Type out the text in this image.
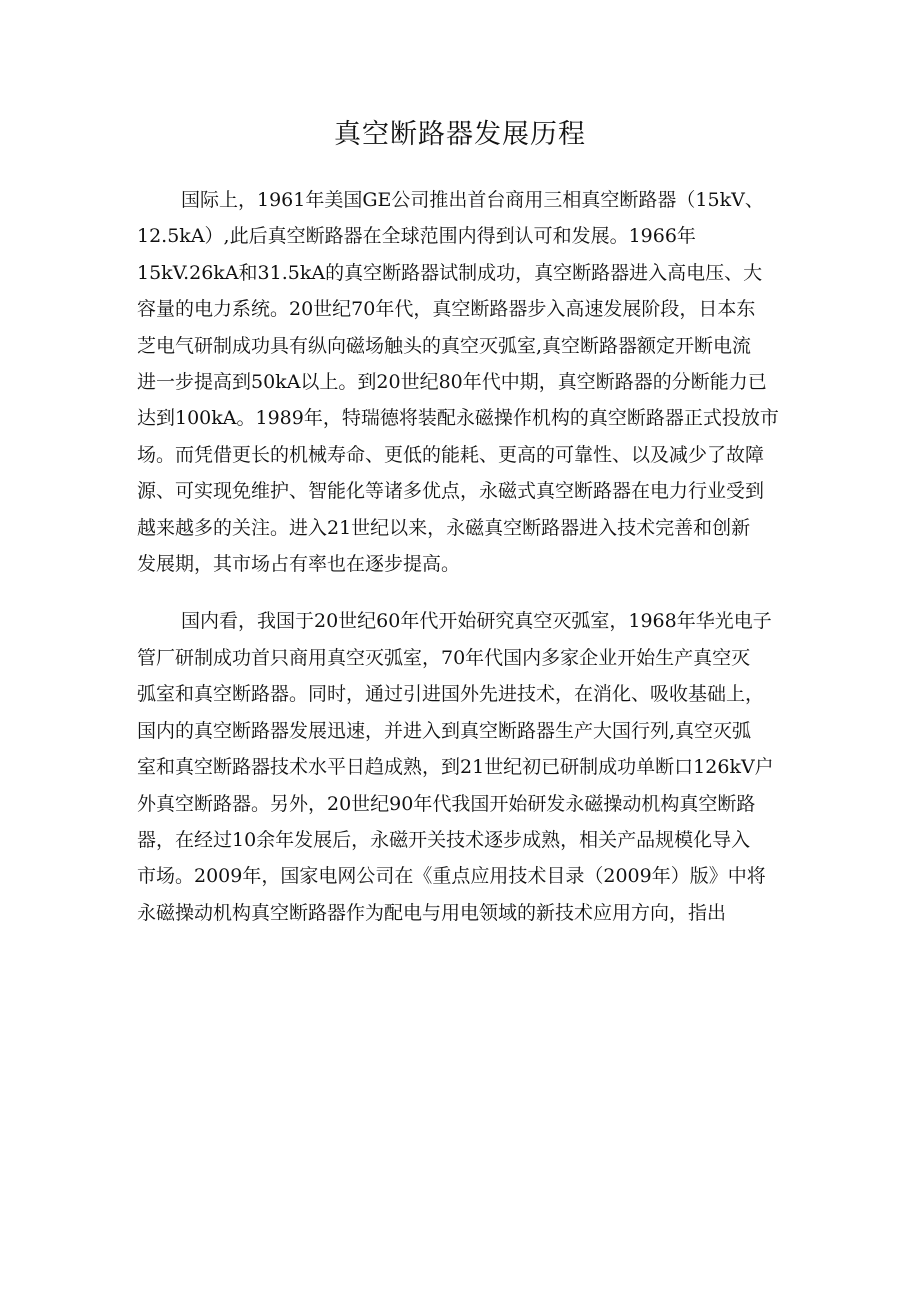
真空断路器发展历程

国际上，1961年美国GE公司推出首台商用三相真空断路器（15kV、
12.5kA）,此后真空断路器在全球范围内得到认可和发展。1966年
15kV.26kA和31.5kA的真空断路器试制成功，真空断路器进入高电压、大
容量的电力系统。20世纪70年代，真空断路器步入高速发展阶段，日本东
芝电气研制成功具有纵向磁场触头的真空灭弧室,真空断路器额定开断电流
进一步提高到50kA以上。到20世纪80年代中期，真空断路器的分断能力已
达到100kA。1989年，特瑞德将装配永磁操作机构的真空断路器正式投放市
场。而凭借更长的机械寿命、更低的能耗、更高的可靠性、以及减少了故障
源、可实现免维护、智能化等诸多优点，永磁式真空断路器在电力行业受到
越来越多的关注。进入21世纪以来，永磁真空断路器进入技术完善和创新
发展期，其市场占有率也在逐步提高。

国内看，我国于20世纪60年代开始研究真空灭弧室，1968年华光电子
管厂研制成功首只商用真空灭弧室，70年代国内多家企业开始生产真空灭
弧室和真空断路器。同时，通过引进国外先进技术，在消化、吸收基础上，
国内的真空断路器发展迅速，并进入到真空断路器生产大国行列,真空灭弧
室和真空断路器技术水平日趋成熟，到21世纪初已研制成功单断口126kV户
外真空断路器。另外，20世纪90年代我国开始研发永磁操动机构真空断路
器，在经过10余年发展后，永磁开关技术逐步成熟，相关产品规模化导入
市场。2009年，国家电网公司在《重点应用技术目录（2009年）版》中将
永磁操动机构真空断路器作为配电与用电领域的新技术应用方向，指出
